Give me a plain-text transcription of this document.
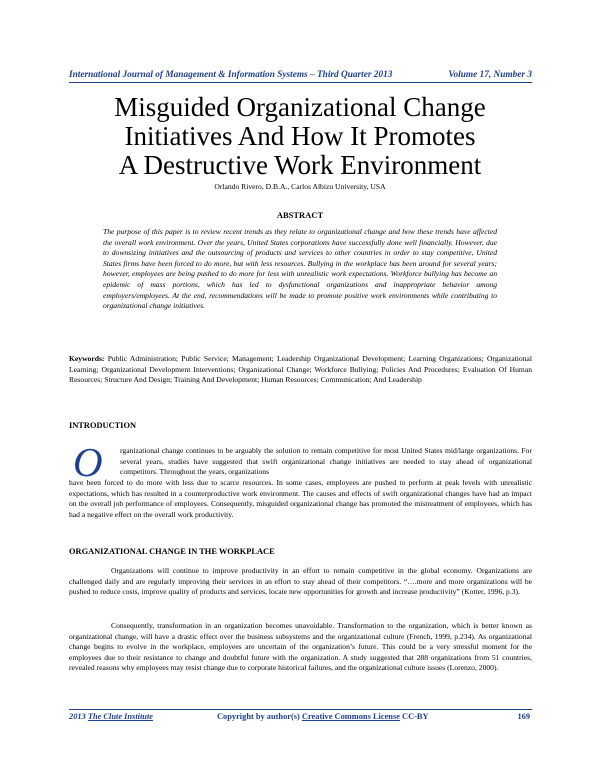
International Journal of Management & Information Systems – Third Quarter 2013	Volume 17, Number 3
Misguided Organizational Change
Initiatives And How It Promotes
A Destructive Work Environment
Orlando Rivero, D.B.A., Carlos Albizu University, USA
ABSTRACT
The purpose of this paper is to review recent trends as they relate to organizational change and how these trends have affected the overall work environment. Over the years, United States corporations have successfully done well financially. However, due to downsizing initiatives and the outsourcing of products and services to other countries in order to stay competitive, United States firms have been forced to do more, but with less resources. Bullying in the workplace has been around for several years; however, employees are being pushed to do more for less with unrealistic work expectations. Workforce bullying has become an epidemic of mass portions, which has led to dysfunctional organizations and inappropriate behavior among employers/employees. At the end, recommendations will be made to promote positive work environments while contributing to organizational change initiatives.
Keywords: Public Administration; Public Service; Management; Leadership Organizational Development; Learning Organizations; Organizational Learning; Organizational Development Interventions; Organizational Change; Workforce Bullying; Policies And Procedures; Evaluation Of Human Resources; Structure And Design; Training And Development; Human Resources; Communication; And Leadership
INTRODUCTION
O rganizational change continues to be arguably the solution to remain competitive for most United States mid/large organizations. For several years, studies have suggested that swift organizational change initiatives are needed to stay ahead of organizational competitors. Throughout the years, organizations
have been forced to do more with less due to scarce resources. In some cases, employees are pushed to perform at peak levels with unrealistic expectations, which has resulted in a counterproductive work environment. The causes and effects of swift organizational changes have had an impact on the overall job performance of employees. Consequently, misguided organizational change has promoted the mistreatment of employees, which has had a negative effect on the overall work productivity.
ORGANIZATIONAL CHANGE IN THE WORKPLACE
Organizations will continue to improve productivity in an effort to remain competitive in the global economy. Organizations are challenged daily and are regularly improving their services in an effort to stay ahead of their competitors. “….more and more organizations will be pushed to reduce costs, improve quality of products and services, locate new opportunities for growth and increase productivity” (Kotter, 1996, p.3).
Consequently, transformation in an organization becomes unavoidable. Transformation to the organization, which is better known as organizational change, will have a drastic effect over the business subsystems and the organizational culture (French, 1999, p.234). As organizational change begins to evolve in the workplace, employees are uncertain of the organization’s future. This could be a very stressful moment for the employees due to their resistance to change and doubtful future with the organization. A study suggested that 288 organizations from 51 countries, revealed reasons why employees may resist change due to corporate historical failures, and the organizational culture issues (Lorenzo, 2000).
2013 The Clute Institute	Copyright by author(s) Creative Commons License CC-BY	169
